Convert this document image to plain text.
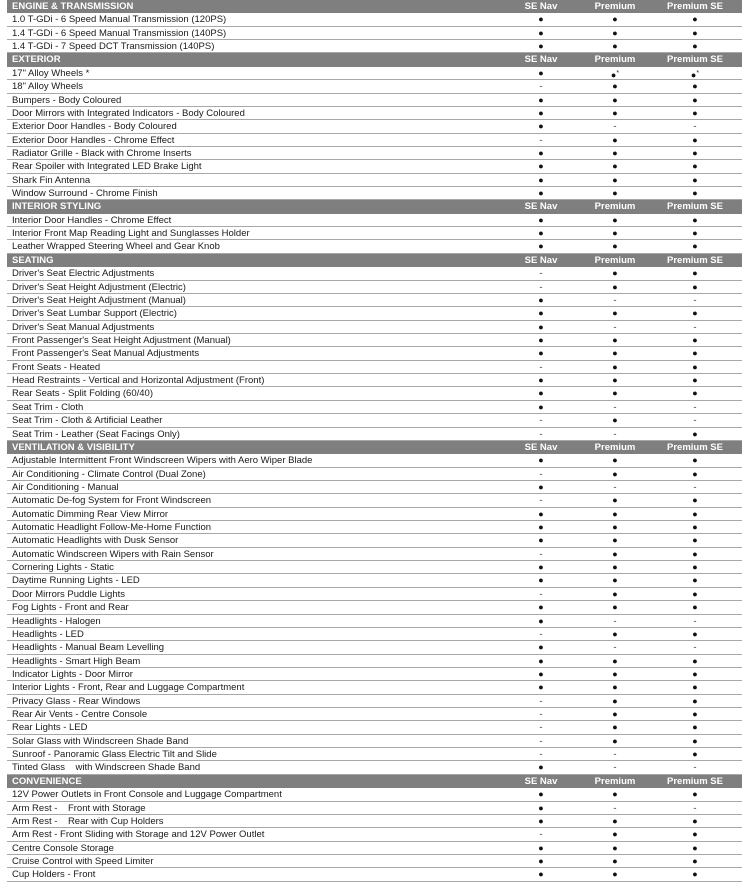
ENGINE & TRANSMISSION	SE Nav	Premium	Premium SE
1.0 T-GDi - 6 Speed Manual Transmission (120PS)	●	●	●
1.4 T-GDi - 6 Speed Manual Transmission (140PS)	●	●	●
1.4 T-GDi - 7 Speed DCT Transmission (140PS)	●	●	●
EXTERIOR	SE Nav	Premium	Premium SE
17" Alloy Wheels *	●	●*	●*
18" Alloy Wheels	-	●	●
Bumpers - Body Coloured	●	●	●
Door Mirrors with Integrated Indicators - Body Coloured	●	●	●
Exterior Door Handles - Body Coloured	●	-	-
Exterior Door Handles - Chrome Effect	-	●	●
Radiator Grille - Black with Chrome Inserts	●	●	●
Rear Spoiler with Integrated LED Brake Light	●	●	●
Shark Fin Antenna	●	●	●
Window Surround - Chrome Finish	●	●	●
INTERIOR STYLING	SE Nav	Premium	Premium SE
Interior Door Handles - Chrome Effect	●	●	●
Interior Front Map Reading Light and Sunglasses Holder	●	●	●
Leather Wrapped Steering Wheel and Gear Knob	●	●	●
SEATING	SE Nav	Premium	Premium SE
Driver's Seat Electric Adjustments	-	●	●
Driver's Seat Height Adjustment (Electric)	-	●	●
Driver's Seat Height Adjustment (Manual)	●	-	-
Driver's Seat Lumbar Support (Electric)	●	●	●
Driver's Seat Manual Adjustments	●	-	-
Front Passenger's Seat Height Adjustment (Manual)	●	●	●
Front Passenger's Seat Manual Adjustments	●	●	●
Front Seats - Heated	-	●	●
Head Restraints - Vertical and Horizontal Adjustment (Front)	●	●	●
Rear Seats - Split Folding (60/40)	●	●	●
Seat Trim - Cloth	●	-	-
Seat Trim - Cloth & Artificial Leather	-	●	-
Seat Trim - Leather (Seat Facings Only)	-	-	●
VENTILATION & VISIBILITY	SE Nav	Premium	Premium SE
Adjustable Intermittent Front Windscreen Wipers with Aero Wiper Blade	●	●	●
Air Conditioning - Climate Control (Dual Zone)	-	●	●
Air Conditioning - Manual	●	-	-
Automatic De-fog System for Front Windscreen	-	●	●
Automatic Dimming Rear View Mirror	●	●	●
Automatic Headlight Follow-Me-Home Function	●	●	●
Automatic Headlights with Dusk Sensor	●	●	●
Automatic Windscreen Wipers with Rain Sensor	-	●	●
Cornering Lights - Static	●	●	●
Daytime Running Lights - LED	●	●	●
Door Mirrors Puddle Lights	-	●	●
Fog Lights - Front and Rear	●	●	●
Headlights - Halogen	●	-	-
Headlights - LED	-	●	●
Headlights - Manual Beam Levelling	●	-	-
Headlights - Smart High Beam	●	●	●
Indicator Lights - Door Mirror	●	●	●
Interior Lights - Front, Rear and Luggage Compartment	●	●	●
Privacy Glass - Rear Windows	-	●	●
Rear Air Vents - Centre Console	-	●	●
Rear Lights - LED	-	●	●
Solar Glass with Windscreen Shade Band	-	●	●
Sunroof - Panoramic Glass Electric Tilt and Slide	-	-	●
Tinted Glass    with Windscreen Shade Band	●	-	-
CONVENIENCE	SE Nav	Premium	Premium SE
12V Power Outlets in Front Console and Luggage Compartment	●	●	●
Arm Rest -    Front with Storage	●	-	-
Arm Rest -    Rear with Cup Holders	●	●	●
Arm Rest - Front Sliding with Storage and 12V Power Outlet	-	●	●
Centre Console Storage	●	●	●
Cruise Control with Speed Limiter	●	●	●
Cup Holders - Front	●	●	●
